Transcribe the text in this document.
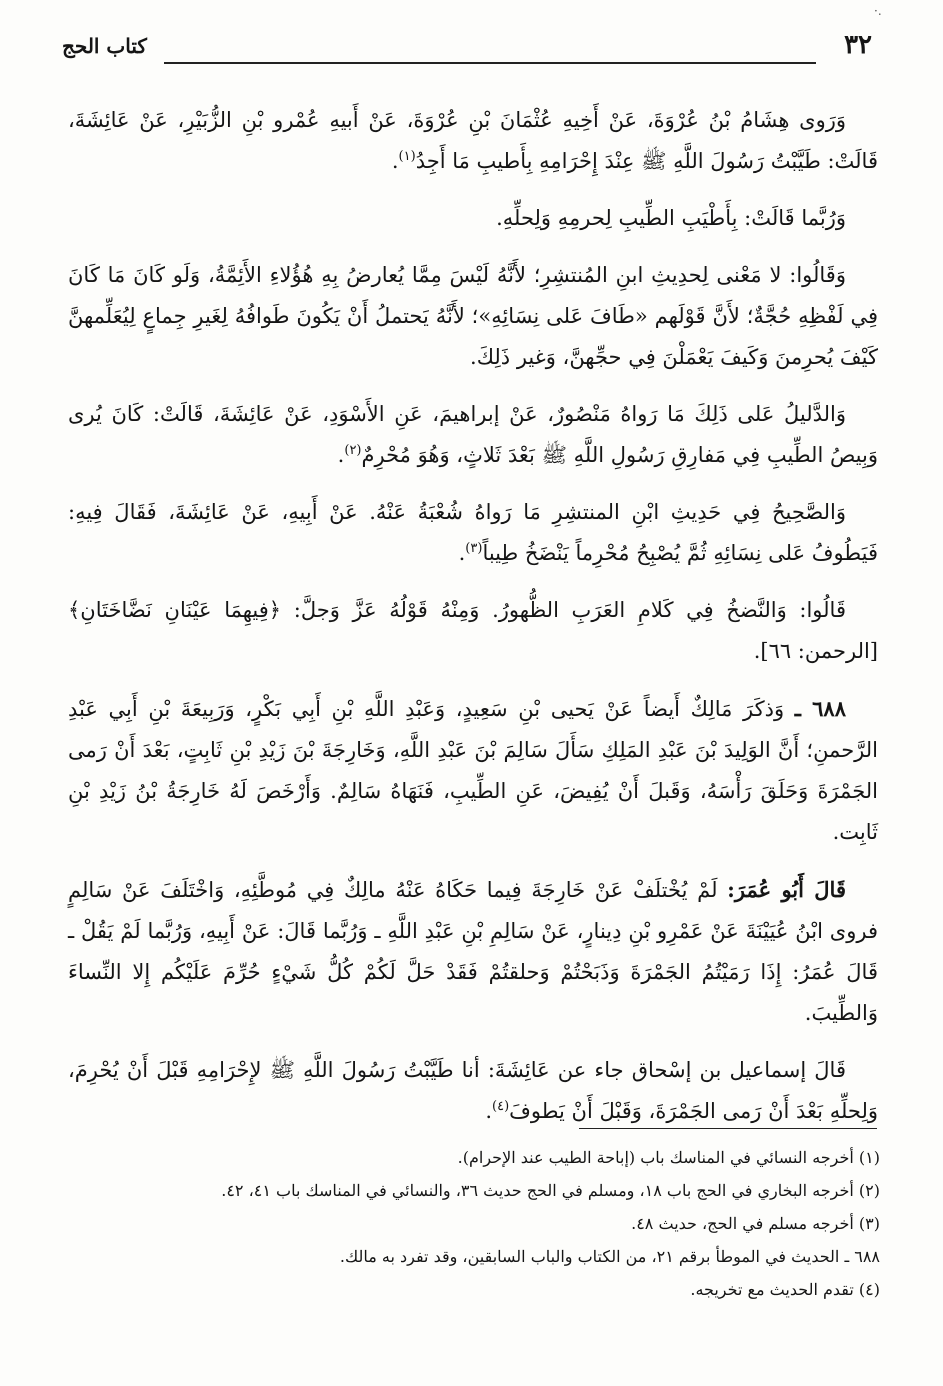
·.
٣٢
كتاب الحج

وَرَوى هِشَامُ بْنُ عُرْوَةَ، عَنْ أَخِيهِ عُثْمَانَ بْنِ عُرْوَةَ، عَنْ أَبيهِ عُمْرو بْنِ الزُّبَيْرِ، عَنْ عَائِشَةَ، قَالَتْ: طَيَّبْتُ رَسُولَ اللَّهِ ﷺ عِنْدَ إِحْرَامِهِ بِأَطيبِ مَا أَجِدُ$^{(١)}$.

وَرُبَّما قَالَتْ: بِأَطْيَبِ الطِّيبِ لِحرمِهِ وَلِحلِّهِ.

وَقَالُوا: لا مَعْنى لِحدِيثِ ابنِ المُنتشِرِ؛ لأَنَّهُ لَيْسَ مِمَّا يُعارضُ بِهِ هُؤُلاءِ الأَئِمَّةُ، وَلَو كَانَ مَا كَانَ فِي لَفْظِهِ حُجَّةٌ؛ لأَنَّ قَوْلَهم «طَافَ عَلى نِسَائِهِ»؛ لأَنَّهُ يَحتملُ أَنْ يَكُونَ طَوافُهُ لِغَيرِ جِماعٍ لِيُعَلِّمهنَّ كَيْفَ يُحرِمنَ وَكَيفَ يَعْمَلْنَ فِي حجِّهنَّ، وَغير ذَلِكَ.

وَالدَّليلُ عَلى ذَلِكَ مَا رَواهُ مَنْصُورٌ، عَنْ إبراهيمَ، عَنِ الأَسْوَدِ، عَنْ عَائِشَةَ، قَالَتْ: كَانَ يُرى وَبِيصُ الطِّيبِ فِي مَفارِقِ رَسُولِ اللَّهِ ﷺ بَعْدَ ثَلاثٍ، وَهُوَ مُحْرِمٌ$^{(٢)}$.

وَالصَّحِيحُ فِي حَدِيثِ ابْنِ المنتشِرِ مَا رَواهُ شُعْبَةُ عَنْهُ. عَنْ أَبِيهِ، عَنْ عَائِشَةَ، فَقَالَ فِيهِ: فَيَطُوفُ عَلى نِسَائِهِ ثُمَّ يُصْبِحُ مُحْرِماً يَنْضَخُ طِيباً$^{(٣)}$.

قَالُوا: وَالنَّضخُ فِي كَلامِ العَرَبِ الظُّهورُ. وَمِنْهُ قَوْلُهُ عَزَّ وَجلَّ: ﴿فِيهِمَا عَيْنَانِ نَضَّاخَتَانِ﴾ [الرحمن: ٦٦].

٦٨٨ ـ وَذكَرَ مَالِكٌ أَيضاً عَنْ يَحيى بْنِ سَعِيدٍ، وَعَبْدِ اللَّهِ بْنِ أَبِي بَكْرٍ، وَرَبِيعَةَ بْنِ أَبِي عَبْدِ الرَّحمنِ؛ أَنَّ الوَلِيدَ بْنَ عَبْدِ المَلِكِ سَأَلَ سَالِمَ بْنَ عَبْدِ اللَّهِ، وَخَارِجَةَ بْنَ زَيْدِ بْنِ ثَابِتٍ، بَعْدَ أَنْ رَمى الجَمْرَةَ وَحَلَقَ رَأْسَهُ، وَقَبلَ أَنْ يُفِيضَ، عَنِ الطِّيبِ، فَنَهَاهُ سَالِمٌ. وَأَرْخَصَ لَهُ خَارِجَةُ بْنُ زَيْدِ بْنِ ثَابِت.

قَالَ أَبُو عُمَرَ: لَمْ يُخْتلَفْ عَنْ خَارِجَةَ فِيما حَكَاهُ عَنْهُ مالِكٌ فِي مُوطَّئِهِ، وَاخْتَلَفَ عَنْ سَالِمٍ فروى ابْنُ عُيَيْنَةَ عَنْ عَمْرِو بْنِ دِينارٍ، عَنْ سَالِمِ بْنِ عَبْدِ اللَّهِ ـ وَرُبَّما قَالَ: عَنْ أَبِيهِ، وَرُبَّما لَمْ يَقُلْ ـ قَالَ عُمَرُ: إِذَا رَمَيْتُمُ الجَمْرَةَ وَذَبَحْتُمْ وَحلقتُمْ فَقَدْ حَلَّ لَكُمْ كُلُّ شَيْءٍ حُرِّمَ عَلَيْكُم إِلا النِّساءَ وَالطِّيبَ.

قَالَ إسماعيل بن إسْحاق جاء عن عَائِشَةَ: أنا طَيَّبْتُ رَسُولَ اللَّهِ ﷺ لإِحْرَامِهِ قَبْلَ أَنْ يُحْرِمَ، وَلِحلِّهِ بَعْدَ أَنْ رَمى الجَمْرَةَ، وَقَبْلَ أَنْ يَطوفَ$^{(٤)}$.

(١) أخرجه النسائي في المناسك باب (إباحة الطيب عند الإحرام).

(٢) أخرجه البخاري في الحج باب ١٨، ومسلم في الحج حديث ٣٦، والنسائي في المناسك باب ٤١، ٤٢.

(٣) أخرجه مسلم في الحج، حديث ٤٨.

٦٨٨ ـ الحديث في الموطأ برقم ٢١، من الكتاب والباب السابقين، وقد تفرد به مالك.

(٤) تقدم الحديث مع تخريجه.
